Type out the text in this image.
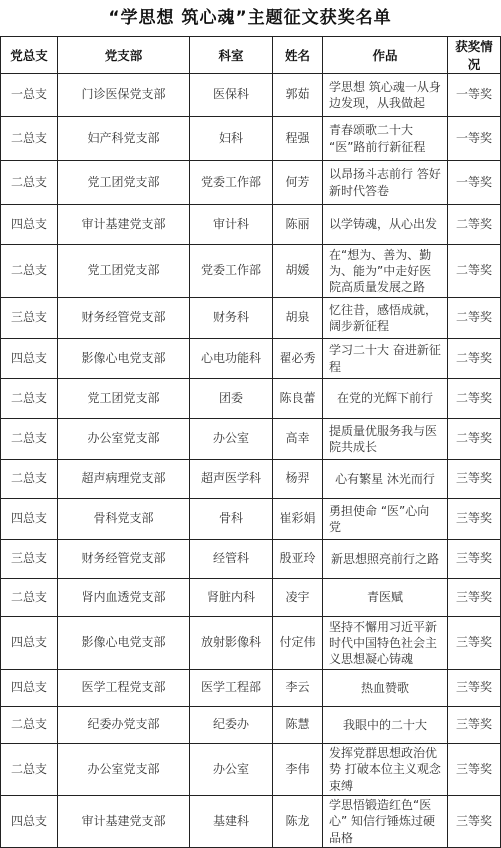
“学思想 筑心魂”主题征文获奖名单
党总支	党支部	科室	姓名	作品	获奖情况
一总支	门诊医保党支部	医保科	郭茹	学思想 筑心魂一从身边发现，从我做起	一等奖
二总支	妇产科党支部	妇科	程强	青春颂歌二十大 “医”路前行新征程	一等奖
二总支	党工团党支部	党委工作部	何芳	以昂扬斗志前行 答好新时代答卷	一等奖
四总支	审计基建党支部	审计科	陈丽	以学铸魂，从心出发	二等奖
二总支	党工团党支部	党委工作部	胡媛	在“想为、善为、勤为、能为”中走好医院高质量发展之路	二等奖
三总支	财务经管党支部	财务科	胡泉	忆往昔，感悟成就，阔步新征程	二等奖
四总支	影像心电党支部	心电功能科	翟必秀	学习二十大 奋进新征程	二等奖
二总支	党工团党支部	团委	陈良蕾	在党的光辉下前行	二等奖
二总支	办公室党支部	办公室	高幸	提质量优服务我与医院共成长	二等奖
二总支	超声病理党支部	超声医学科	杨羿	心有繁星 沐光而行	三等奖
四总支	骨科党支部	骨科	崔彩娟	勇担使命 “医”心向党	三等奖
三总支	财务经管党支部	经管科	殷亚玲	新思想照亮前行之路	三等奖
二总支	肾内血透党支部	肾脏内科	凌宇	青医赋	三等奖
四总支	影像心电党支部	放射影像科	付定伟	坚持不懈用习近平新时代中国特色社会主义思想凝心铸魂	三等奖
四总支	医学工程党支部	医学工程部	李云	热血赞歌	三等奖
二总支	纪委办党支部	纪委办	陈慧	我眼中的二十大	三等奖
二总支	办公室党支部	办公室	李伟	发挥党群思想政治优势 打破本位主义观念束缚	三等奖
四总支	审计基建党支部	基建科	陈龙	学思悟锻造红色“医心” 知信行锤炼过硬品格	三等奖
